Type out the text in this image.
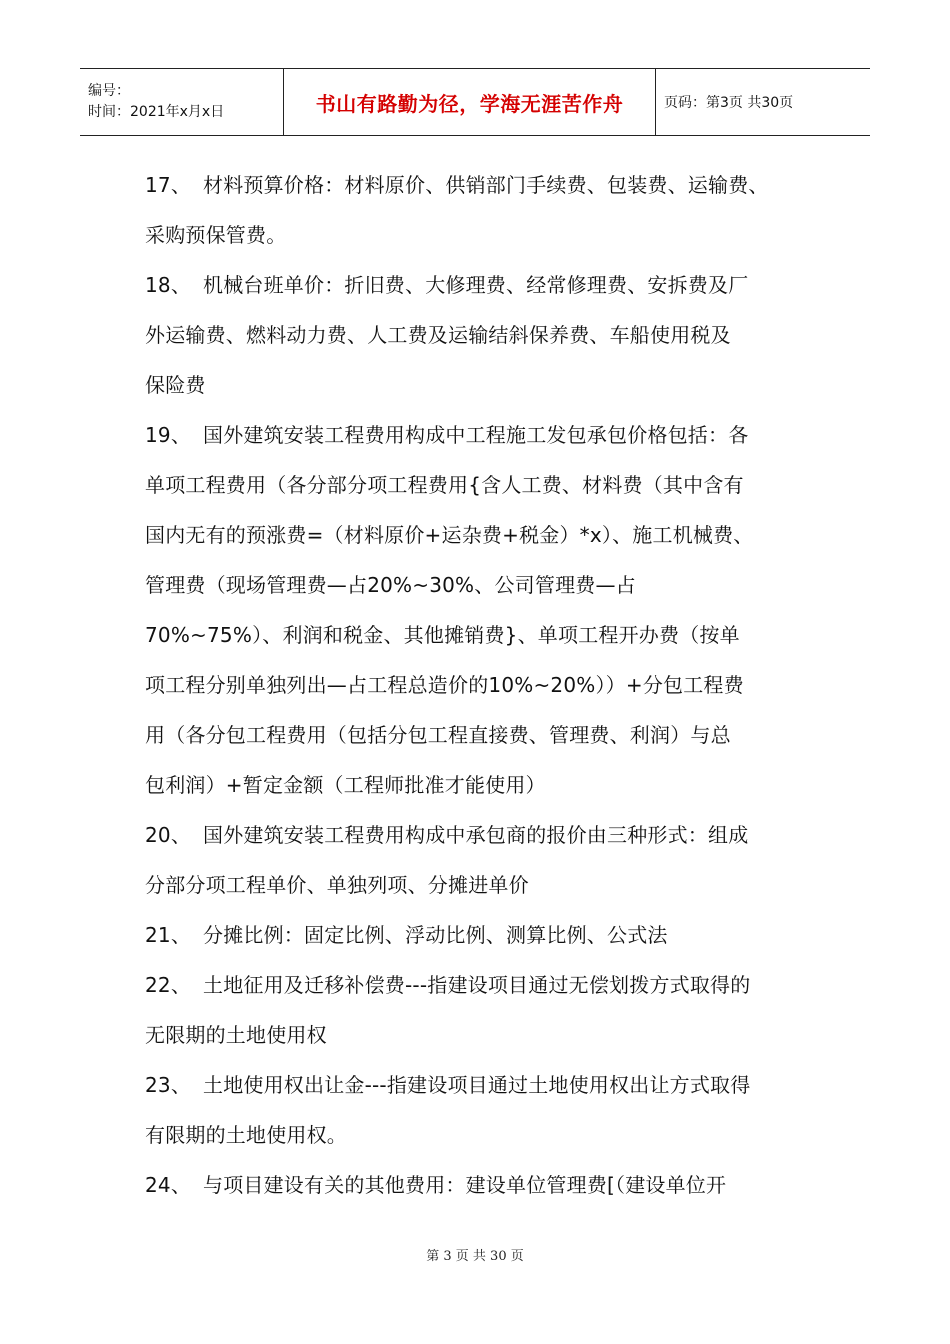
编号：
时间：2021年x月x日	书山有路勤为径，学海无涯苦作舟	页码：第3页 共30页
17、 材料预算价格：材料原价、供销部门手续费、包装费、运输费、
采购预保管费。
18、 机械台班单价：折旧费、大修理费、经常修理费、安拆费及厂
外运输费、燃料动力费、人工费及运输结斜保养费、车船使用税及
保险费
19、 国外建筑安装工程费用构成中工程施工发包承包价格包括：各
单项工程费用（各分部分项工程费用{含人工费、材料费（其中含有
国内无有的预涨费=（材料原价+运杂费+税金）*x）、施工机械费、
管理费（现场管理费—占20%~30%、公司管理费—占
70%~75%）、利润和税金、其他摊销费}、单项工程开办费（按单
项工程分别单独列出—占工程总造价的10%~20%））+分包工程费
用（各分包工程费用（包括分包工程直接费、管理费、利润）与总
包利润）+暂定金额（工程师批准才能使用）
20、 国外建筑安装工程费用构成中承包商的报价由三种形式：组成
分部分项工程单价、单独列项、分摊进单价
21、 分摊比例：固定比例、浮动比例、测算比例、公式法
22、 土地征用及迁移补偿费---指建设项目通过无偿划拨方式取得的
无限期的土地使用权
23、 土地使用权出让金---指建设项目通过土地使用权出让方式取得
有限期的土地使用权。
24、 与项目建设有关的其他费用：建设单位管理费[（建设单位开
第 3 页 共 30 页
